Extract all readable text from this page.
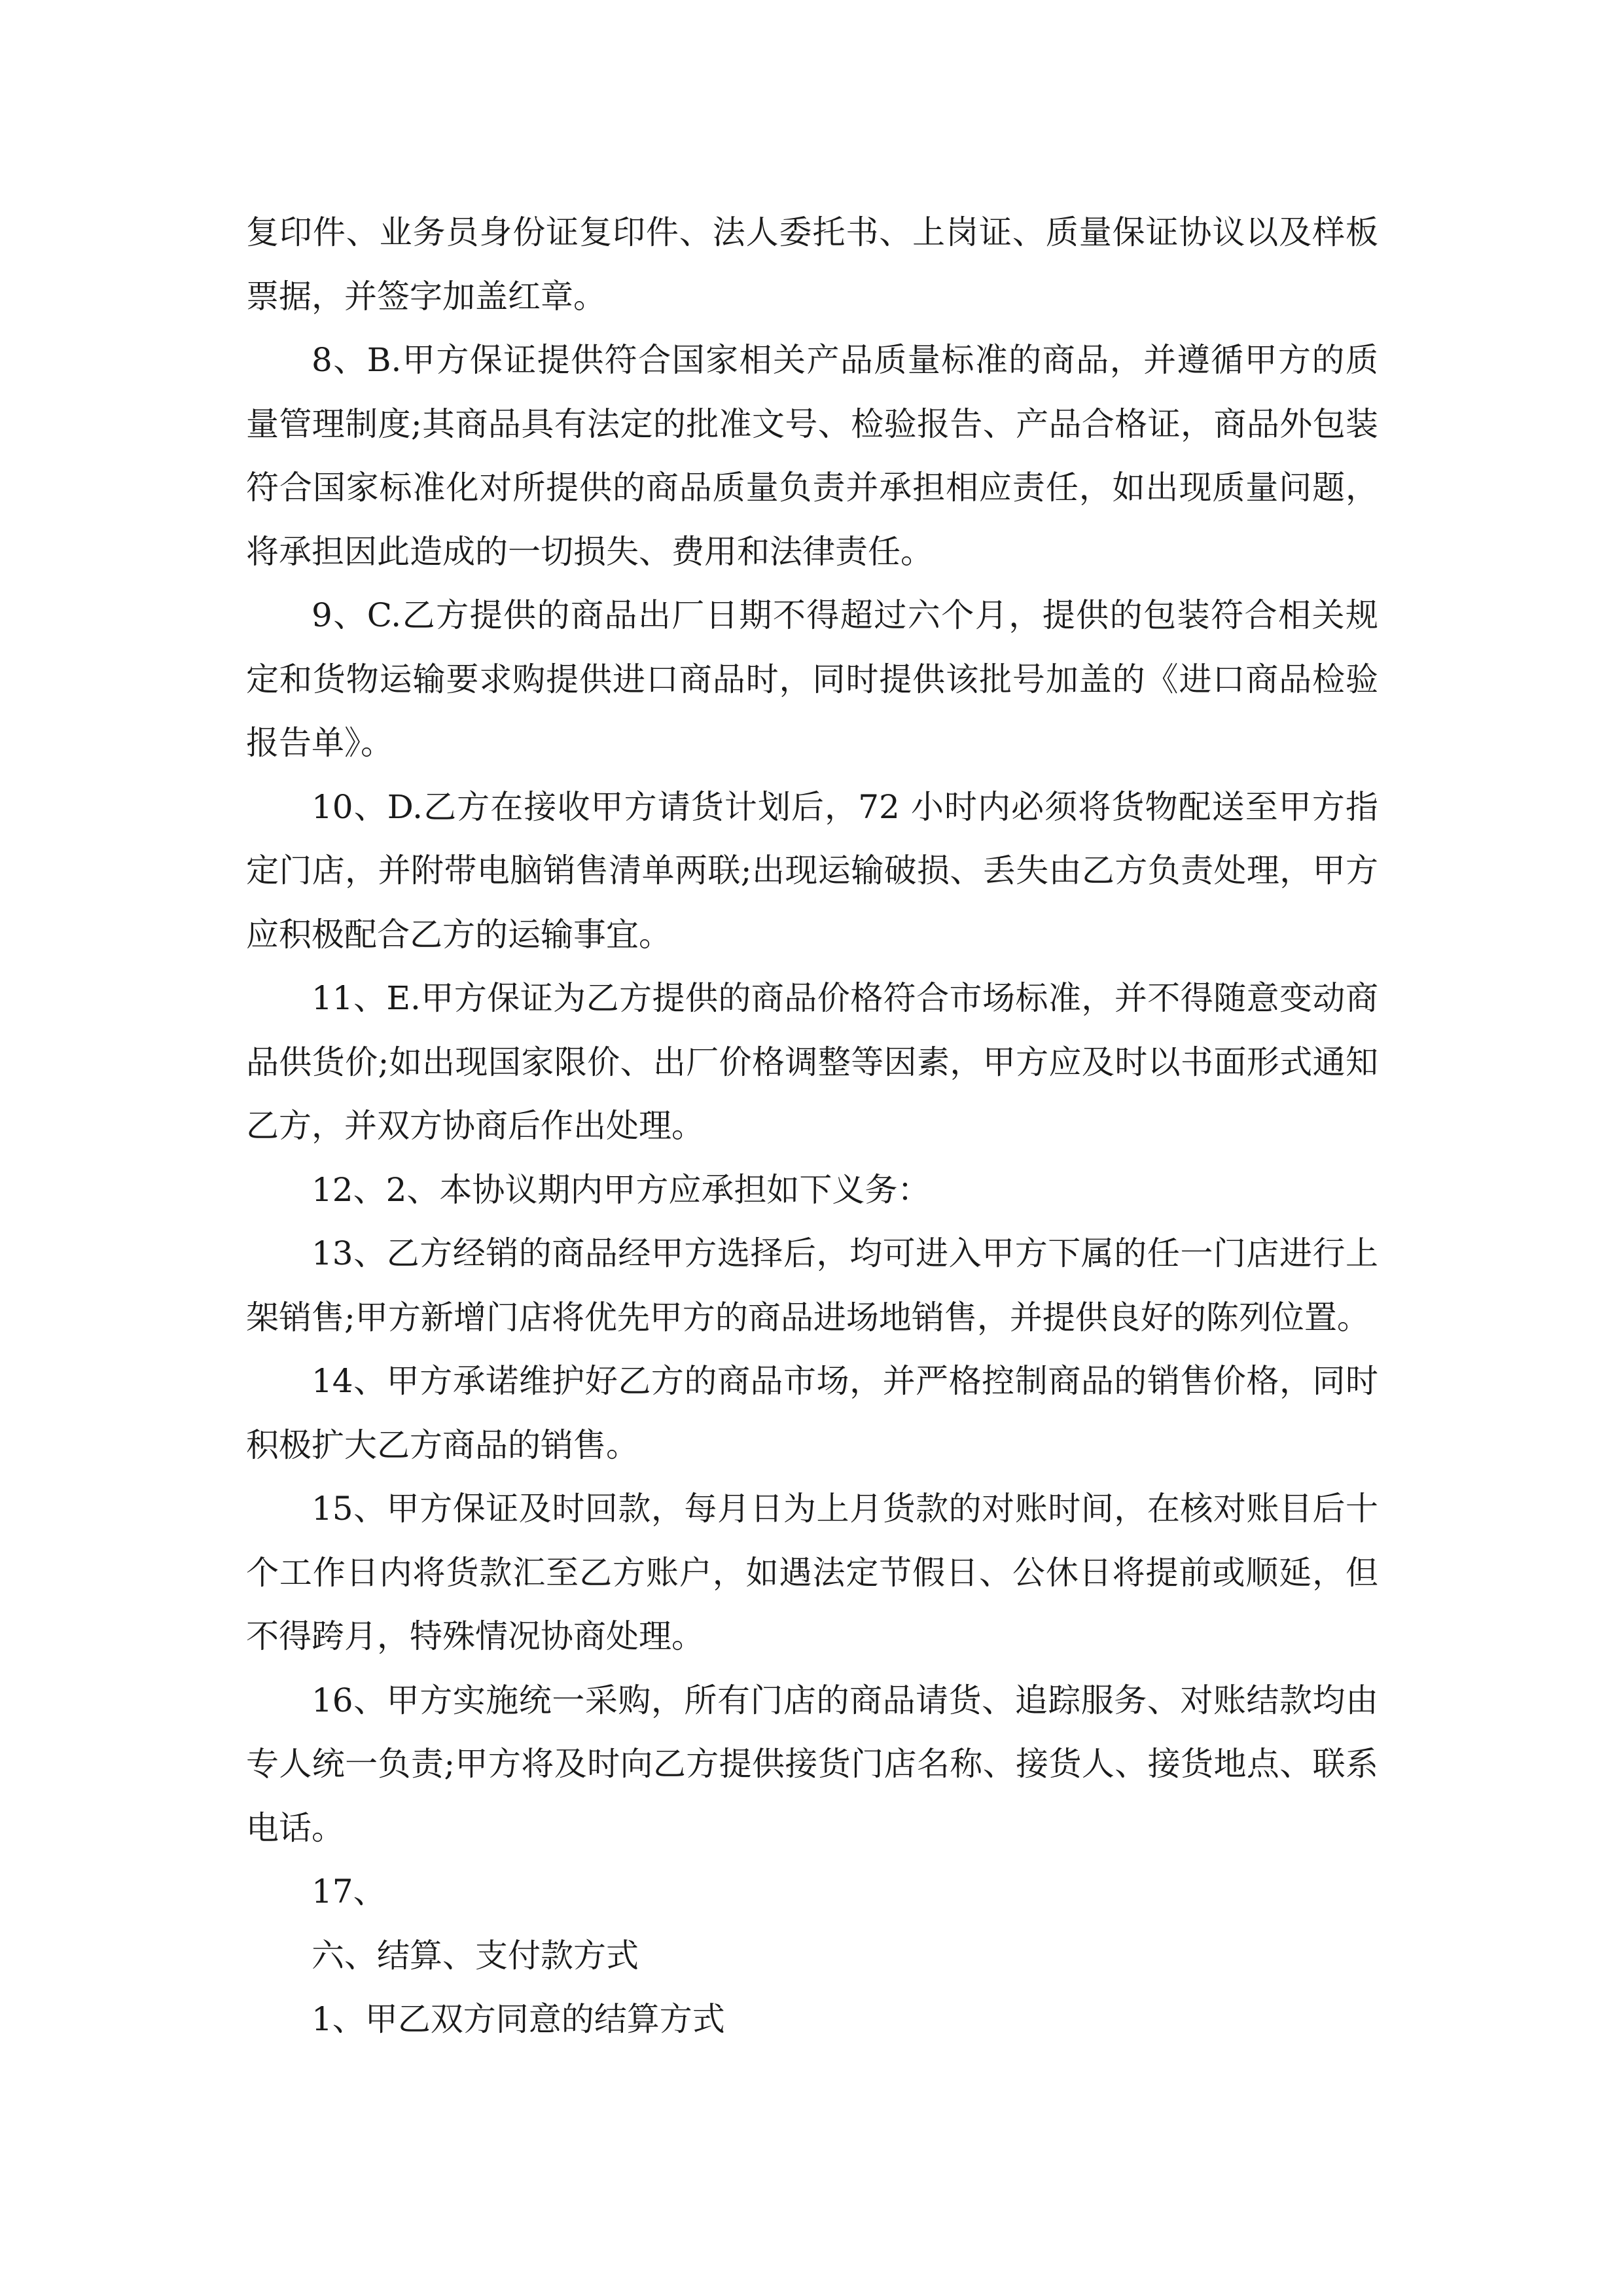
复印件、业务员身份证复印件、法人委托书、上岗证、质量保证协议以及样板票据，并签字加盖红章。

8、B.甲方保证提供符合国家相关产品质量标准的商品，并遵循甲方的质量管理制度;其商品具有法定的批准文号、检验报告、产品合格证，商品外包装符合国家标准化对所提供的商品质量负责并承担相应责任，如出现质量问题，将承担因此造成的一切损失、费用和法律责任。

9、C.乙方提供的商品出厂日期不得超过六个月，提供的包装符合相关规定和货物运输要求购提供进口商品时，同时提供该批号加盖的《进口商品检验报告单》。

10、D.乙方在接收甲方请货计划后，72 小时内必须将货物配送至甲方指定门店，并附带电脑销售清单两联;出现运输破损、丢失由乙方负责处理，甲方应积极配合乙方的运输事宜。

11、E.甲方保证为乙方提供的商品价格符合市场标准，并不得随意变动商品供货价;如出现国家限价、出厂价格调整等因素，甲方应及时以书面形式通知乙方，并双方协商后作出处理。

12、2、本协议期内甲方应承担如下义务：

13、乙方经销的商品经甲方选择后，均可进入甲方下属的任一门店进行上架销售;甲方新增门店将优先甲方的商品进场地销售，并提供良好的陈列位置。

14、甲方承诺维护好乙方的商品市场，并严格控制商品的销售价格，同时积极扩大乙方商品的销售。

15、甲方保证及时回款，每月日为上月货款的对账时间，在核对账目后十个工作日内将货款汇至乙方账户，如遇法定节假日、公休日将提前或顺延，但不得跨月，特殊情况协商处理。

16、甲方实施统一采购，所有门店的商品请货、追踪服务、对账结款均由专人统一负责;甲方将及时向乙方提供接货门店名称、接货人、接货地点、联系电话。

17、

六、结算、支付款方式

1、甲乙双方同意的结算方式
